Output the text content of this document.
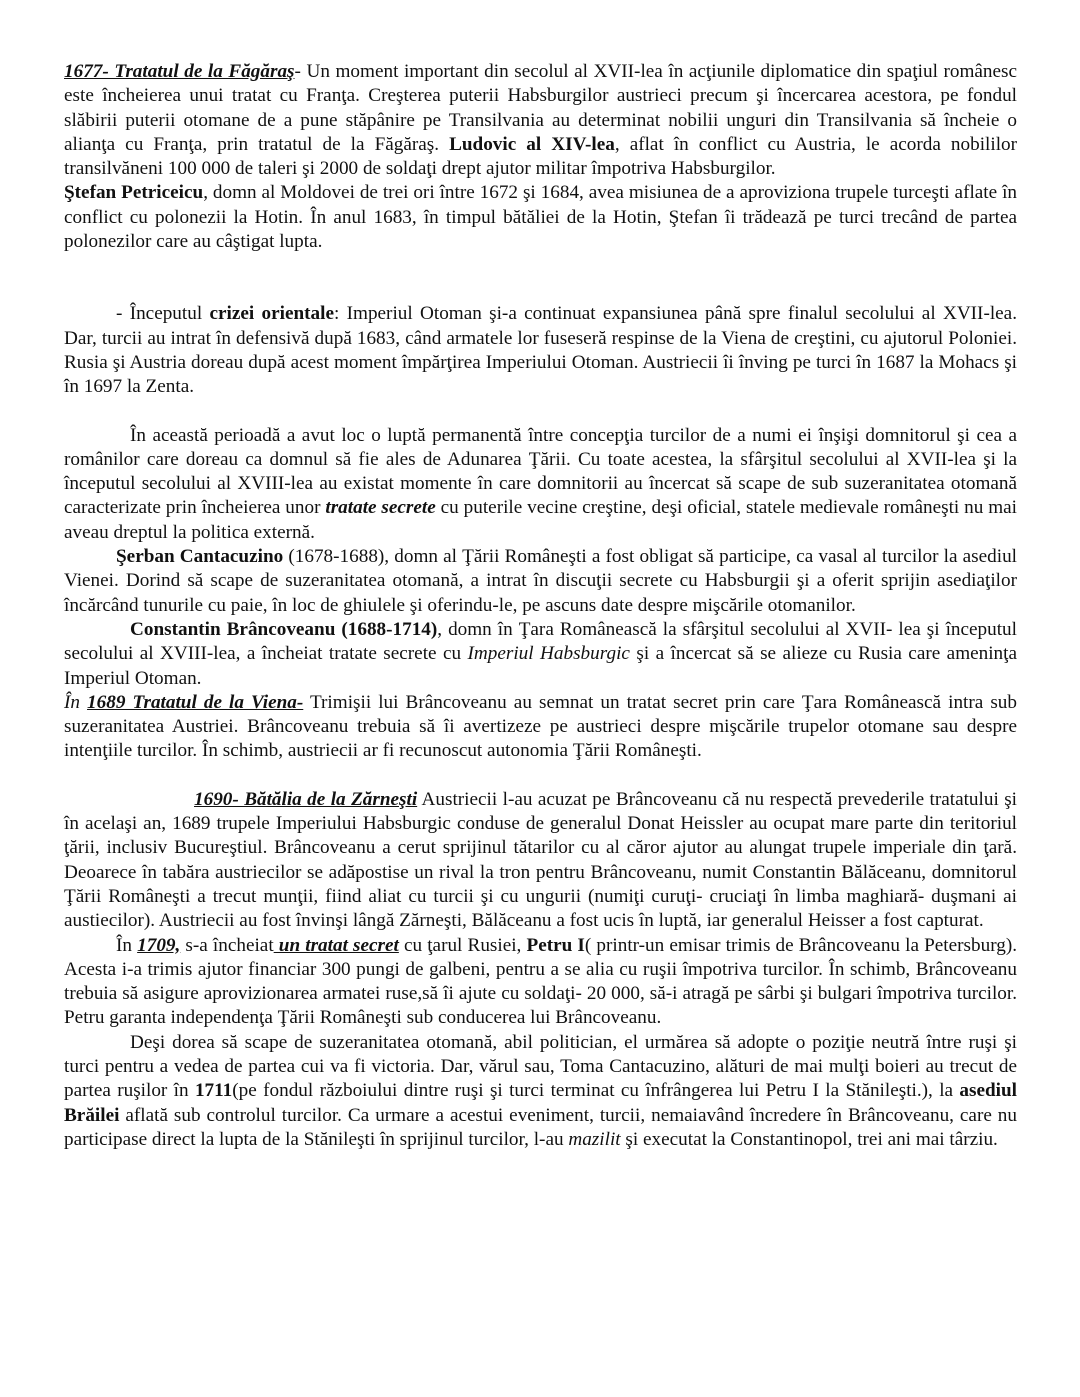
1677- Tratatul de la Făgăraş- Un moment important din secolul al XVII-lea în acţiunile diplomatice din spaţiul românesc este încheierea unui tratat cu Franţa. Creşterea puterii Habsburgilor austrieci precum şi încercarea acestora, pe fondul slăbirii puterii otomane de a pune stăpânire pe Transilvania au determinat nobilii unguri din Transilvania să încheie o alianţa cu Franţa, prin tratatul de la Făgăraş. Ludovic al XIV-lea, aflat în conflict cu Austria, le acorda nobililor transilvăneni 100 000 de taleri şi 2000 de soldaţi drept ajutor militar împotriva Habsburgilor.

Ştefan Petriceicu, domn al Moldovei de trei ori între 1672 şi 1684, avea misiunea de a aproviziona trupele turceşti aflate în conflict cu polonezii la Hotin. În anul 1683, în timpul bătăliei de la Hotin, Ştefan îi trădează pe turci trecând de partea polonezilor care au câştigat lupta.

- Începutul crizei orientale: Imperiul Otoman şi-a continuat expansiunea până spre finalul secolului al XVII-lea. Dar, turcii au intrat în defensivă după 1683, când armatele lor fuseseră respinse de la Viena de creştini, cu ajutorul Poloniei. Rusia şi Austria doreau după acest moment împărţirea Imperiului Otoman. Austriecii îi înving pe turci în 1687 la Mohacs şi în 1697 la Zenta.

În această perioadă a avut loc o luptă permanentă între concepţia turcilor de a numi ei înşişi domnitorul şi cea a românilor care doreau ca domnul să fie ales de Adunarea Ţării. Cu toate acestea, la sfârşitul secolului al XVII-lea şi la începutul secolului al XVIII-lea au existat momente în care domnitorii au încercat să scape de sub suzeranitatea otomană caracterizate prin încheierea unor tratate secrete cu puterile vecine creştine, deşi oficial, statele medievale româneşti nu mai aveau dreptul la politica externă.

Şerban Cantacuzino (1678-1688), domn al Ţării Româneşti a fost obligat să participe, ca vasal al turcilor la asediul Vienei. Dorind să scape de suzeranitatea otomană, a intrat în discuţii secrete cu Habsburgii şi a oferit sprijin asediaţilor încărcând tunurile cu paie, în loc de ghiulele şi oferindu-le, pe ascuns date despre mişcările otomanilor.

Constantin Brâncoveanu (1688-1714), domn în Ţara Românească la sfârşitul secolului al XVII- lea şi începutul secolului al XVIII-lea, a încheiat tratate secrete cu Imperiul Habsburgic şi a încercat să se alieze cu Rusia care ameninţa Imperiul Otoman.

În 1689 Tratatul de la Viena- Trimişii lui Brâncoveanu au semnat un tratat secret prin care Ţara Românească intra sub suzeranitatea Austriei. Brâncoveanu trebuia să îi avertizeze pe austrieci despre mişcările trupelor otomane sau despre intenţiile turcilor. În schimb, austriecii ar fi recunoscut autonomia Ţării Româneşti.

1690- Bătălia de la Zărneşti Austriecii l-au acuzat pe Brâncoveanu că nu respectă prevederile tratatului şi în acelaşi an, 1689 trupele Imperiului Habsburgic conduse de generalul Donat Heissler au ocupat mare parte din teritoriul ţării, inclusiv Bucureştiul. Brâncoveanu a cerut sprijinul tătarilor cu al căror ajutor au alungat trupele imperiale din ţară. Deoarece în tabăra austriecilor se adăpostise un rival la tron pentru Brâncoveanu, numit Constantin Bălăceanu, domnitorul Ţării Româneşti a trecut munţii, fiind aliat cu turcii şi cu ungurii (numiţi curuţi- cruciaţi în limba maghiară- duşmani ai austiecilor). Austriecii au fost învinşi lângă Zărneşti, Bălăceanu a fost ucis în luptă, iar generalul Heisser a fost capturat.

În 1709, s-a încheiat un tratat secret cu ţarul Rusiei, Petru I( printr-un emisar trimis de Brâncoveanu la Petersburg). Acesta i-a trimis ajutor financiar 300 pungi de galbeni, pentru a se alia cu ruşii împotriva turcilor. În schimb, Brâncoveanu trebuia să asigure aprovizionarea armatei ruse,să îi ajute cu soldaţi- 20 000, să-i atragă pe sârbi şi bulgari împotriva turcilor. Petru garanta independenţa Ţării Româneşti sub conducerea lui Brâncoveanu.

Deşi dorea să scape de suzeranitatea otomană, abil politician, el urmărea să adopte o poziţie neutră între ruşi şi turci pentru a vedea de partea cui va fi victoria. Dar, vărul sau, Toma Cantacuzino, alături de mai mulţi boieri au trecut de partea ruşilor în 1711(pe fondul războiului dintre ruşi şi turci terminat cu înfrângerea lui Petru I la Stănileşti.), la asediul Brăilei aflată sub controlul turcilor. Ca urmare a acestui eveniment, turcii, nemaiavând încredere în Brâncoveanu, care nu participase direct la lupta de la Stănileşti în sprijinul turcilor, l-au mazilit şi executat la Constantinopol, trei ani mai târziu.
